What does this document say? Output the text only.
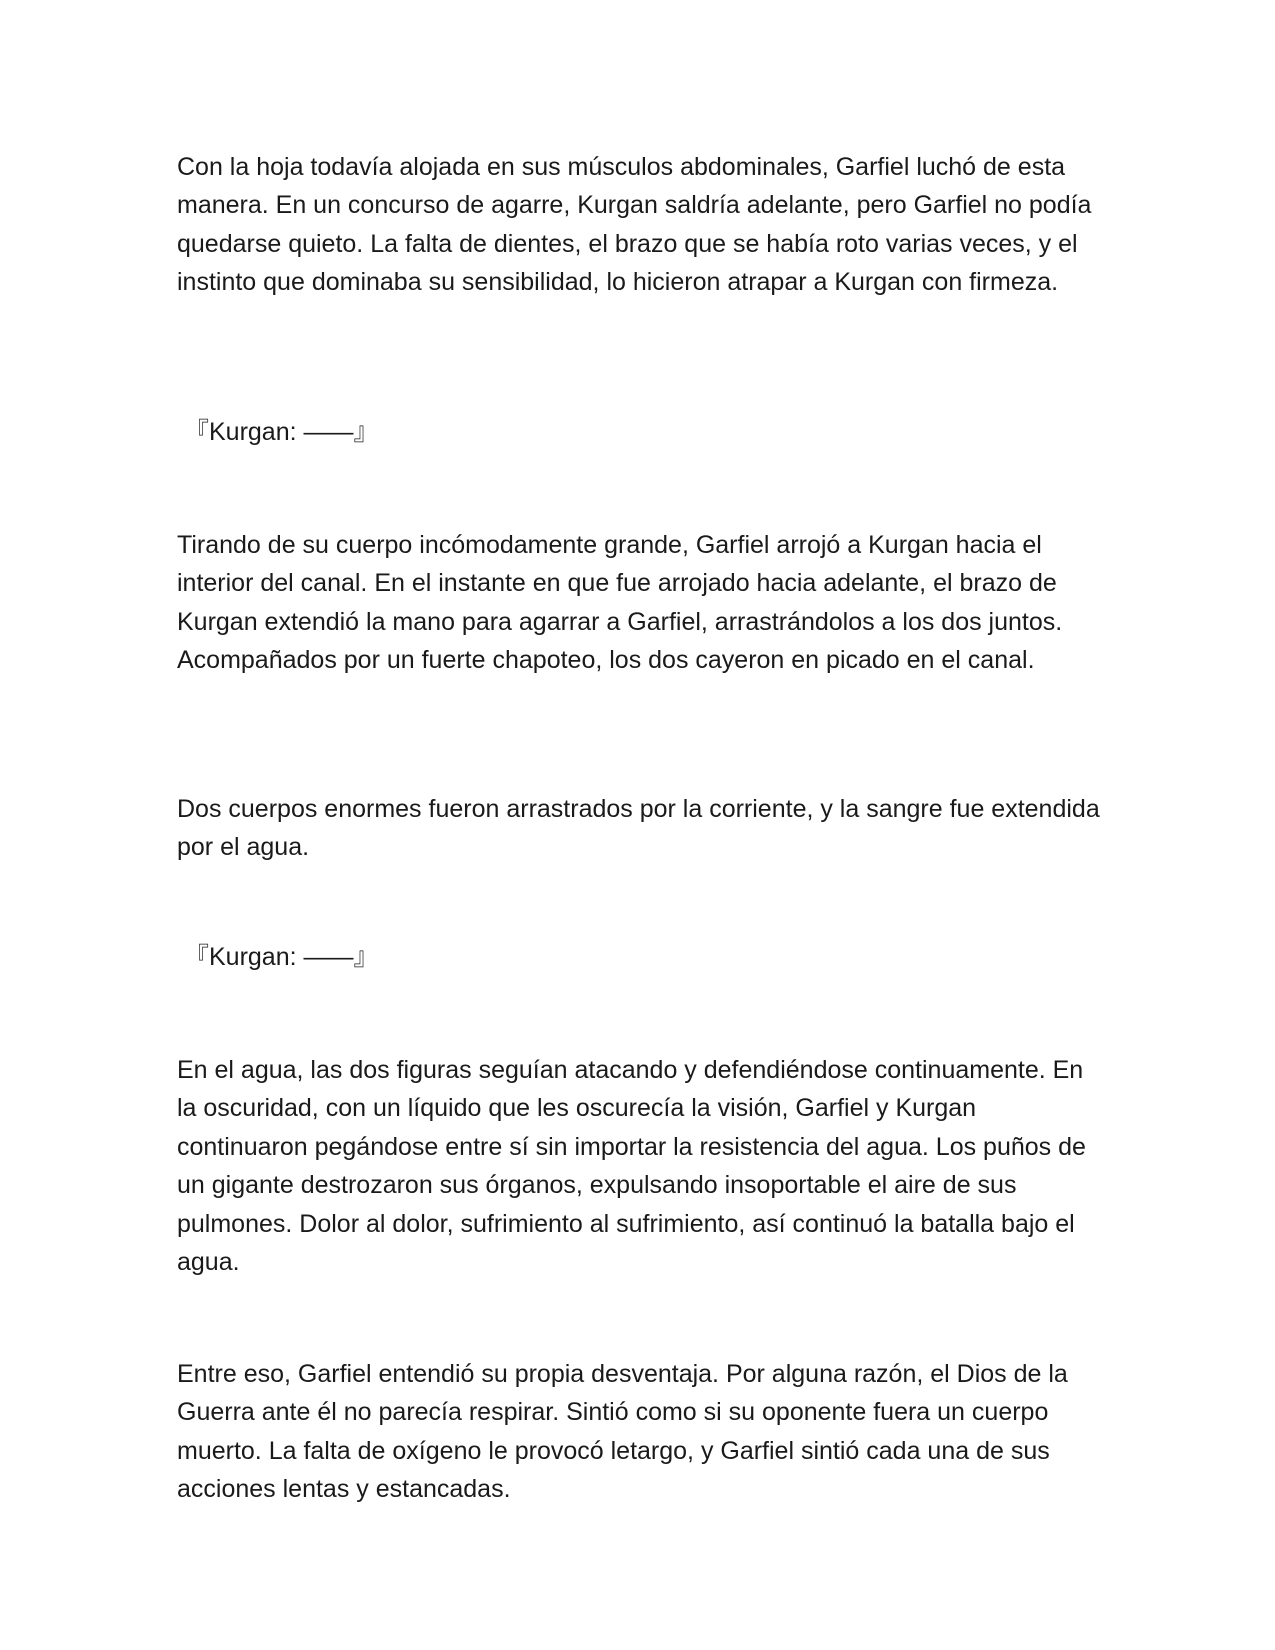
Con la hoja todavía alojada en sus músculos abdominales, Garfiel luchó de esta manera. En un concurso de agarre, Kurgan saldría adelante, pero Garfiel no podía quedarse quieto. La falta de dientes, el brazo que se había roto varias veces, y el instinto que dominaba su sensibilidad, lo hicieron atrapar a Kurgan con firmeza.

『Kurgan: ——』

Tirando de su cuerpo incómodamente grande, Garfiel arrojó a Kurgan hacia el interior del canal. En el instante en que fue arrojado hacia adelante, el brazo de Kurgan extendió la mano para agarrar a Garfiel, arrastrándolos a los dos juntos. Acompañados por un fuerte chapoteo, los dos cayeron en picado en el canal.

Dos cuerpos enormes fueron arrastrados por la corriente, y la sangre fue extendida por el agua.

『Kurgan: ——』

En el agua, las dos figuras seguían atacando y defendiéndose continuamente. En la oscuridad, con un líquido que les oscurecía la visión, Garfiel y Kurgan continuaron pegándose entre sí sin importar la resistencia del agua. Los puños de un gigante destrozaron sus órganos, expulsando insoportable el aire de sus pulmones. Dolor al dolor, sufrimiento al sufrimiento, así continuó la batalla bajo el agua.

Entre eso, Garfiel entendió su propia desventaja. Por alguna razón, el Dios de la Guerra ante él no parecía respirar. Sintió como si su oponente fuera un cuerpo muerto. La falta de oxígeno le provocó letargo, y Garfiel sintió cada una de sus acciones lentas y estancadas.
